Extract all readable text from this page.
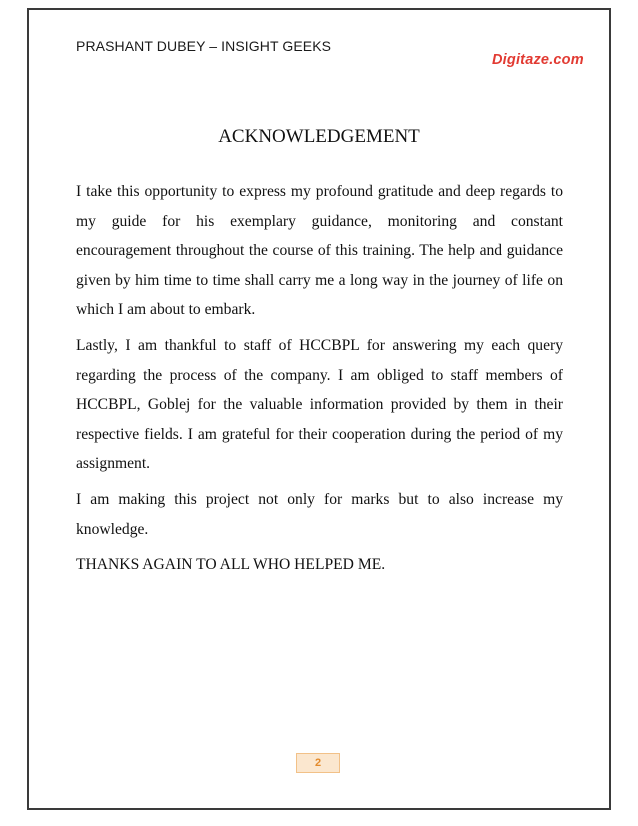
PRASHANT DUBEY – INSIGHT GEEKS
Digitaze.com
ACKNOWLEDGEMENT

I take this opportunity to express my profound gratitude and deep regards to my guide for his exemplary guidance, monitoring and constant encouragement throughout the course of this training. The help and guidance given by him time to time shall carry me a long way in the journey of life on which I am about to embark.

Lastly, I am thankful to staff of HCCBPL for answering my each query regarding the process of the company. I am obliged to staff members of HCCBPL, Goblej for the valuable information provided by them in their respective fields. I am grateful for their cooperation during the period of my assignment.

I am making this project not only for marks but to also increase my knowledge.

THANKS AGAIN TO ALL WHO HELPED ME.

2
